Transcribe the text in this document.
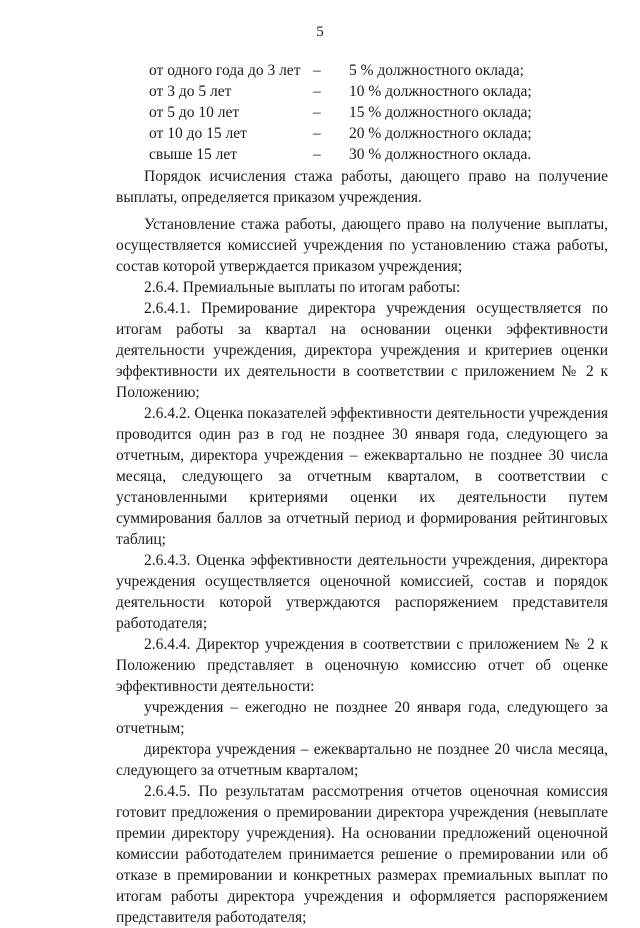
5
от одного года до 3 лет	–	5 % должностного оклада;
от 3 до 5 лет	–	10 % должностного оклада;
от 5 до 10 лет	–	15 % должностного оклада;
от 10 до 15 лет	–	20 % должностного оклада;
свыше 15 лет	–	30 % должностного оклада.

Порядок исчисления стажа работы, дающего право на получение выплаты, определяется приказом учреждения.

Установление стажа работы, дающего право на получение выплаты, осуществляется комиссией учреждения по установлению стажа работы, состав которой утверждается приказом учреждения;

2.6.4. Премиальные выплаты по итогам работы:

2.6.4.1. Премирование директора учреждения осуществляется по итогам работы за квартал на основании оценки эффективности деятельности учреждения, директора учреждения и критериев оценки эффективности их деятельности в соответствии с приложением № 2 к Положению;

2.6.4.2. Оценка показателей эффективности деятельности учреждения проводится один раз в год не позднее 30 января года, следующего за отчетным, директора учреждения – ежеквартально не позднее 30 числа месяца, следующего за отчетным кварталом, в соответствии с установленными критериями оценки их деятельности путем суммирования баллов за отчетный период и формирования рейтинговых таблиц;

2.6.4.3. Оценка эффективности деятельности учреждения, директора учреждения осуществляется оценочной комиссией, состав и порядок деятельности которой утверждаются распоряжением представителя работодателя;

2.6.4.4. Директор учреждения в соответствии с приложением № 2 к Положению представляет в оценочную комиссию отчет об оценке эффективности деятельности:

учреждения – ежегодно не позднее 20 января года, следующего за отчетным;

директора учреждения – ежеквартально не позднее 20 числа месяца, следующего за отчетным кварталом;

2.6.4.5. По результатам рассмотрения отчетов оценочная комиссия готовит предложения о премировании директора учреждения (невыплате премии директору учреждения). На основании предложений оценочной комиссии работодателем принимается решение о премировании или об отказе в премировании и конкретных размерах премиальных выплат по итогам работы директора учреждения и оформляется распоряжением представителя работодателя;
